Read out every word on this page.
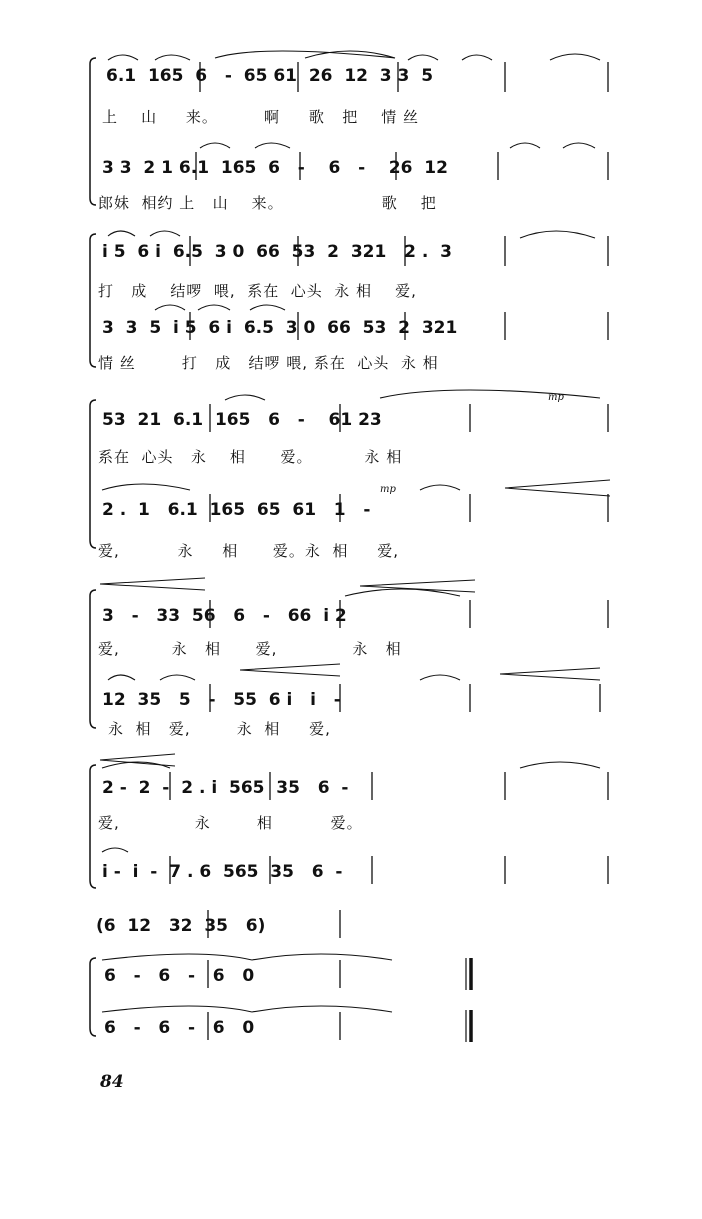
6.1  165  6   -  65 61  26  12  3 3  5
上    山     来。        啊     歌   把    情 丝
3 3  2 1 6.1  165  6   -    6   -    26  12
郎妹  相约 上   山    来。                 歌    把
i 5  6 i  6.5  3 0  66  53  2  321   2 .  3
打   成    结啰  喂,  系在  心头  永 相    爱,
3  3  5  i 5  6 i  6.5  3 0  66  53  2  321
情 丝        打   成   结啰 喂, 系在  心头  永 相
mp
53  21  6.1  165   6   -    61 23
系在  心头   永    相      爱。         永 相
mp
2 .  1   6.1  165  65  61   1   -
爱,          永     相      爱。永  相     爱,
3   -   33  56   6   -   66  i 2
爱,         永   相      爱,             永   相
12  35   5   -   55  6 i   i   -
永  相   爱,        永  相     爱,
2 -  2  -  2 . i  565  35   6  -
爱,             永        相          爱。
i -  i  -  7 . 6  565  35   6  -
(6  12   32  35   6)
6   -   6   -   6   0
6   -   6   -   6   0
84
